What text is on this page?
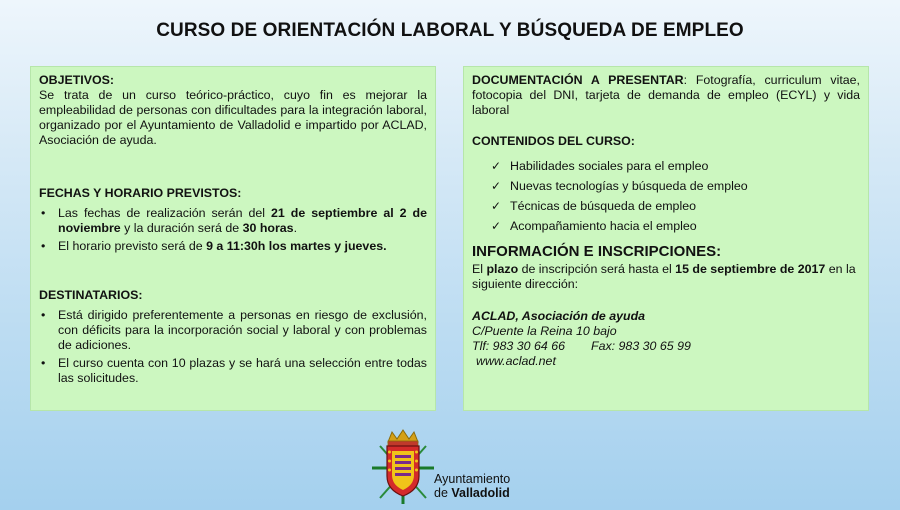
CURSO DE ORIENTACIÓN LABORAL Y BÚSQUEDA DE EMPLEO
OBJETIVOS:

Se trata de un curso teórico-práctico, cuyo fin es mejorar la empleabilidad de personas con dificultades para la integración laboral, organizado por el Ayuntamiento de Valladolid e impartido por ACLAD, Asociación de ayuda.

FECHAS Y HORARIO PREVISTOS:
• Las fechas de realización serán del 21 de septiembre al 2 de noviembre y la duración será de 30 horas.
• El horario previsto será de 9 a 11:30h los martes y jueves.
DESTINATARIOS:
• Está dirigido preferentemente a personas en riesgo de exclusión, con déficits para la incorporación social y laboral y con problemas de adiciones.
• El curso cuenta con 10 plazas y se hará una selección entre todas las solicitudes.

DOCUMENTACIÓN A PRESENTAR: Fotografía, curriculum vitae, fotocopia del DNI, tarjeta de demanda de empleo (ECYL) y vida laboral

CONTENIDOS DEL CURSO:
✓ Habilidades sociales para el empleo
✓ Nuevas tecnologías y búsqueda de empleo
✓ Técnicas de búsqueda de empleo
✓ Acompañamiento hacia el empleo
INFORMACIÓN E INSCRIPCIONES:

El plazo de inscripción será hasta el 15 de septiembre de 2017 en la siguiente dirección:

ACLAD, Asociación de ayuda
C/Puente la Reina 10 bajo
Tlf: 983 30 64 66 Fax: 983 30 65 99
www.aclad.net
Ayuntamiento
de Valladolid
